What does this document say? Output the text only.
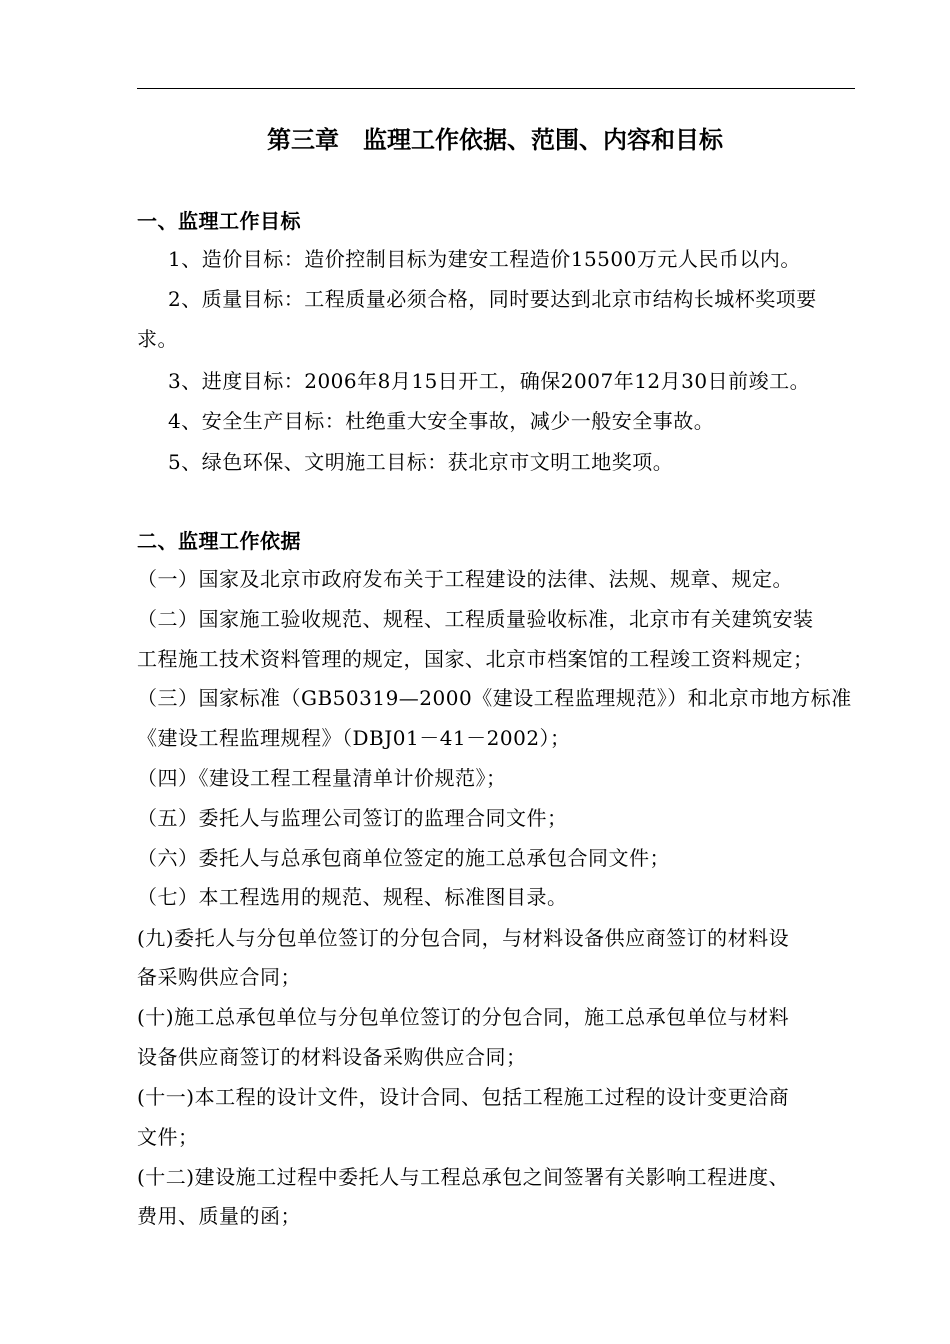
第三章　监理工作依据、范围、内容和目标
一、监理工作目标
1、造价目标：造价控制目标为建安工程造价15500万元人民币以内。
2、质量目标：工程质量必须合格，同时要达到北京市结构长城杯奖项要
求。
3、进度目标：2006年8月15日开工，确保2007年12月30日前竣工。
4、安全生产目标：杜绝重大安全事故，减少一般安全事故。
5、绿色环保、文明施工目标：获北京市文明工地奖项。
二、监理工作依据
（一）国家及北京市政府发布关于工程建设的法律、法规、规章、规定。
（二）国家施工验收规范、规程、工程质量验收标准，北京市有关建筑安装
工程施工技术资料管理的规定，国家、北京市档案馆的工程竣工资料规定；
（三）国家标准（GB50319—2000《建设工程监理规范》）和北京市地方标准
《建设工程监理规程》（DBJ01－41－2002）；
（四）《建设工程工程量清单计价规范》；
（五）委托人与监理公司签订的监理合同文件；
（六）委托人与总承包商单位签定的施工总承包合同文件；
（七）本工程选用的规范、规程、标准图目录。
(九)委托人与分包单位签订的分包合同，与材料设备供应商签订的材料设
备采购供应合同；
(十)施工总承包单位与分包单位签订的分包合同，施工总承包单位与材料
设备供应商签订的材料设备采购供应合同；
(十一)本工程的设计文件，设计合同、包括工程施工过程的设计变更洽商
文件；
(十二)建设施工过程中委托人与工程总承包之间签署有关影响工程进度、
费用、质量的函；
